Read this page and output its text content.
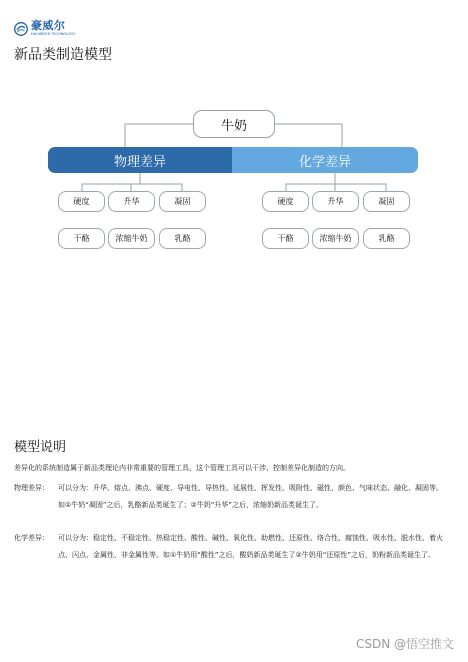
豪威尔
HAOWEIER TECHNOLOGY
新品类制造模型
牛奶
物理差异	化学差异
硬度	升华	凝固
干酪	浓缩牛奶	乳酪
硬度	升华	凝固
干酪	浓缩牛奶	乳酪
模型说明
差异化的系统制造属于新品类理论内非常重要的管理工具，这个管理工具可以干涉、控制差异化制造的方向。
物理差异： 可以分为：升华、熔点、沸点、硬度、导电性、导热性、延展性、挥发性、吸附性、磁性、颜色、气味状态、融化、凝固等。如①牛奶“凝固”之后，乳酪新品类诞生了；②牛奶“升华”之后，浓缩奶新品类诞生了。
化学差异： 可以分为：稳定性、不稳定性、热稳定性、酸性、碱性、氧化性、助燃性、还原性、络合性、腐蚀性、吸水性、脱水性、着火点、闪点、金属性、非金属性等。如①牛奶用“酸性”之后，酸奶新品类诞生了②牛奶用“还原性”之后，奶粉新品类诞生了。
CSDN @悟空推文
